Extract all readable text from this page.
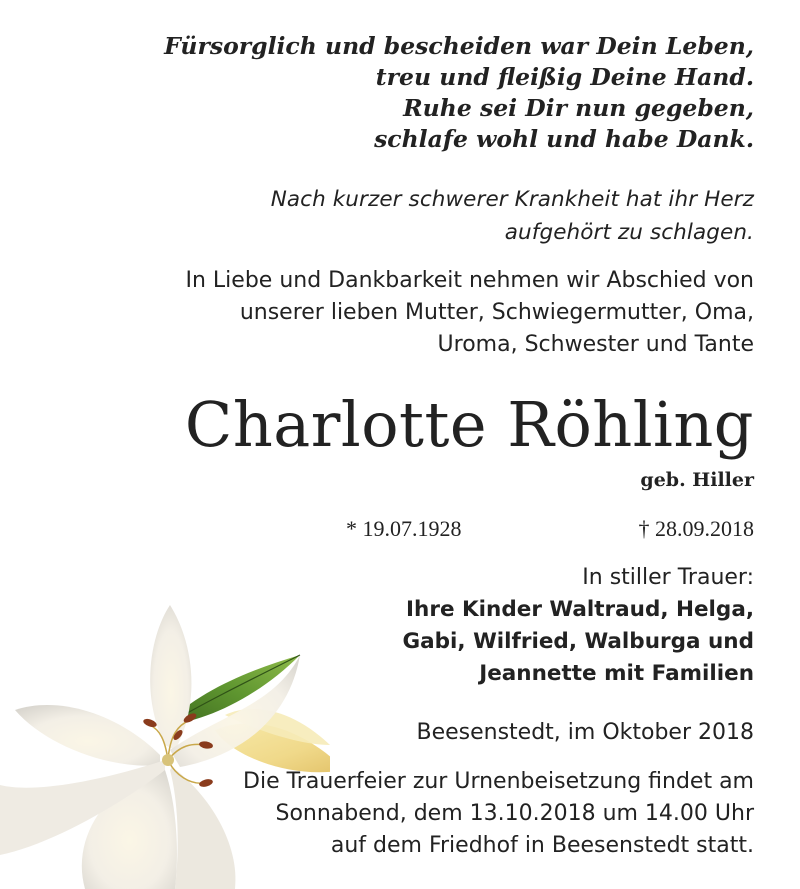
Fürsorglich und bescheiden war Dein Leben,
treu und fleißig Deine Hand.
Ruhe sei Dir nun gegeben,
schlafe wohl und habe Dank.
Nach kurzer schwerer Krankheit hat ihr Herz
aufgehört zu schlagen.
In Liebe und Dankbarkeit nehmen wir Abschied von
unserer lieben Mutter, Schwiegermutter, Oma,
Uroma, Schwester und Tante
Charlotte Röhling
geb. Hiller
* 19.07.1928	† 28.09.2018
In stiller Trauer:
Ihre Kinder Waltraud, Helga,
Gabi, Wilfried, Walburga und
Jeannette mit Familien
Beesenstedt, im Oktober 2018
Die Trauerfeier zur Urnenbeisetzung findet am
Sonnabend, dem 13.10.2018 um 14.00 Uhr
auf dem Friedhof in Beesenstedt statt.
